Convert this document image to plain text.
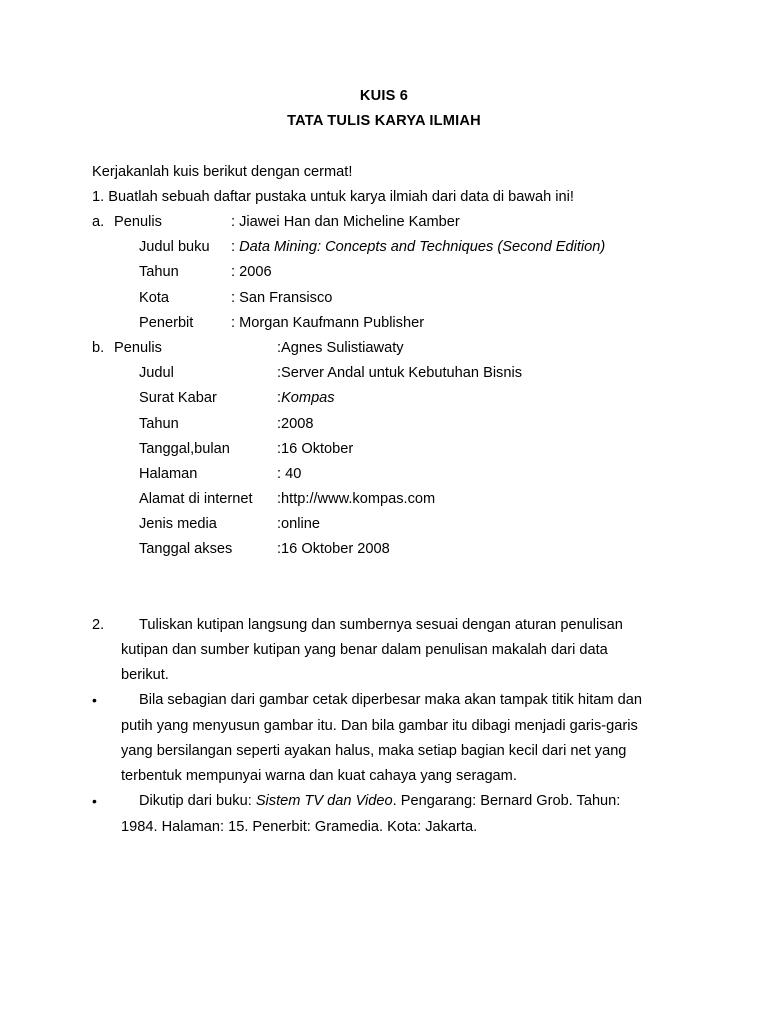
KUIS 6
TATA TULIS KARYA ILMIAH
Kerjakanlah kuis berikut dengan cermat!
1. Buatlah sebuah daftar pustaka untuk karya ilmiah dari data di bawah ini!
a. Penulis	: Jiawei Han dan Micheline Kamber
Judul buku : Data Mining: Concepts and Techniques (Second Edition)
Tahun	: 2006
Kota	: San Fransisco
Penerbit	: Morgan Kaufmann Publisher
b. Penulis	:Agnes Sulistiawaty
Judul	:Server Andal untuk Kebutuhan Bisnis
Surat Kabar	:Kompas
Tahun	:2008
Tanggal,bulan	:16 Oktober
Halaman	: 40
Alamat di internet :http://www.kompas.com
Jenis media	:online
Tanggal akses	:16 Oktober 2008
2. Tuliskan kutipan langsung dan sumbernya sesuai dengan aturan penulisan
kutipan dan sumber kutipan yang benar dalam penulisan makalah dari data
berikut.
•	Bila sebagian dari gambar cetak diperbesar maka akan tampak titik hitam dan
putih yang menyusun gambar itu. Dan bila gambar itu dibagi menjadi garis-garis
yang bersilangan seperti ayakan halus, maka setiap bagian kecil dari net yang
terbentuk mempunyai warna dan kuat cahaya yang seragam.
•	Dikutip dari buku: Sistem TV dan Video. Pengarang: Bernard Grob. Tahun:
1984. Halaman: 15. Penerbit: Gramedia. Kota: Jakarta.
